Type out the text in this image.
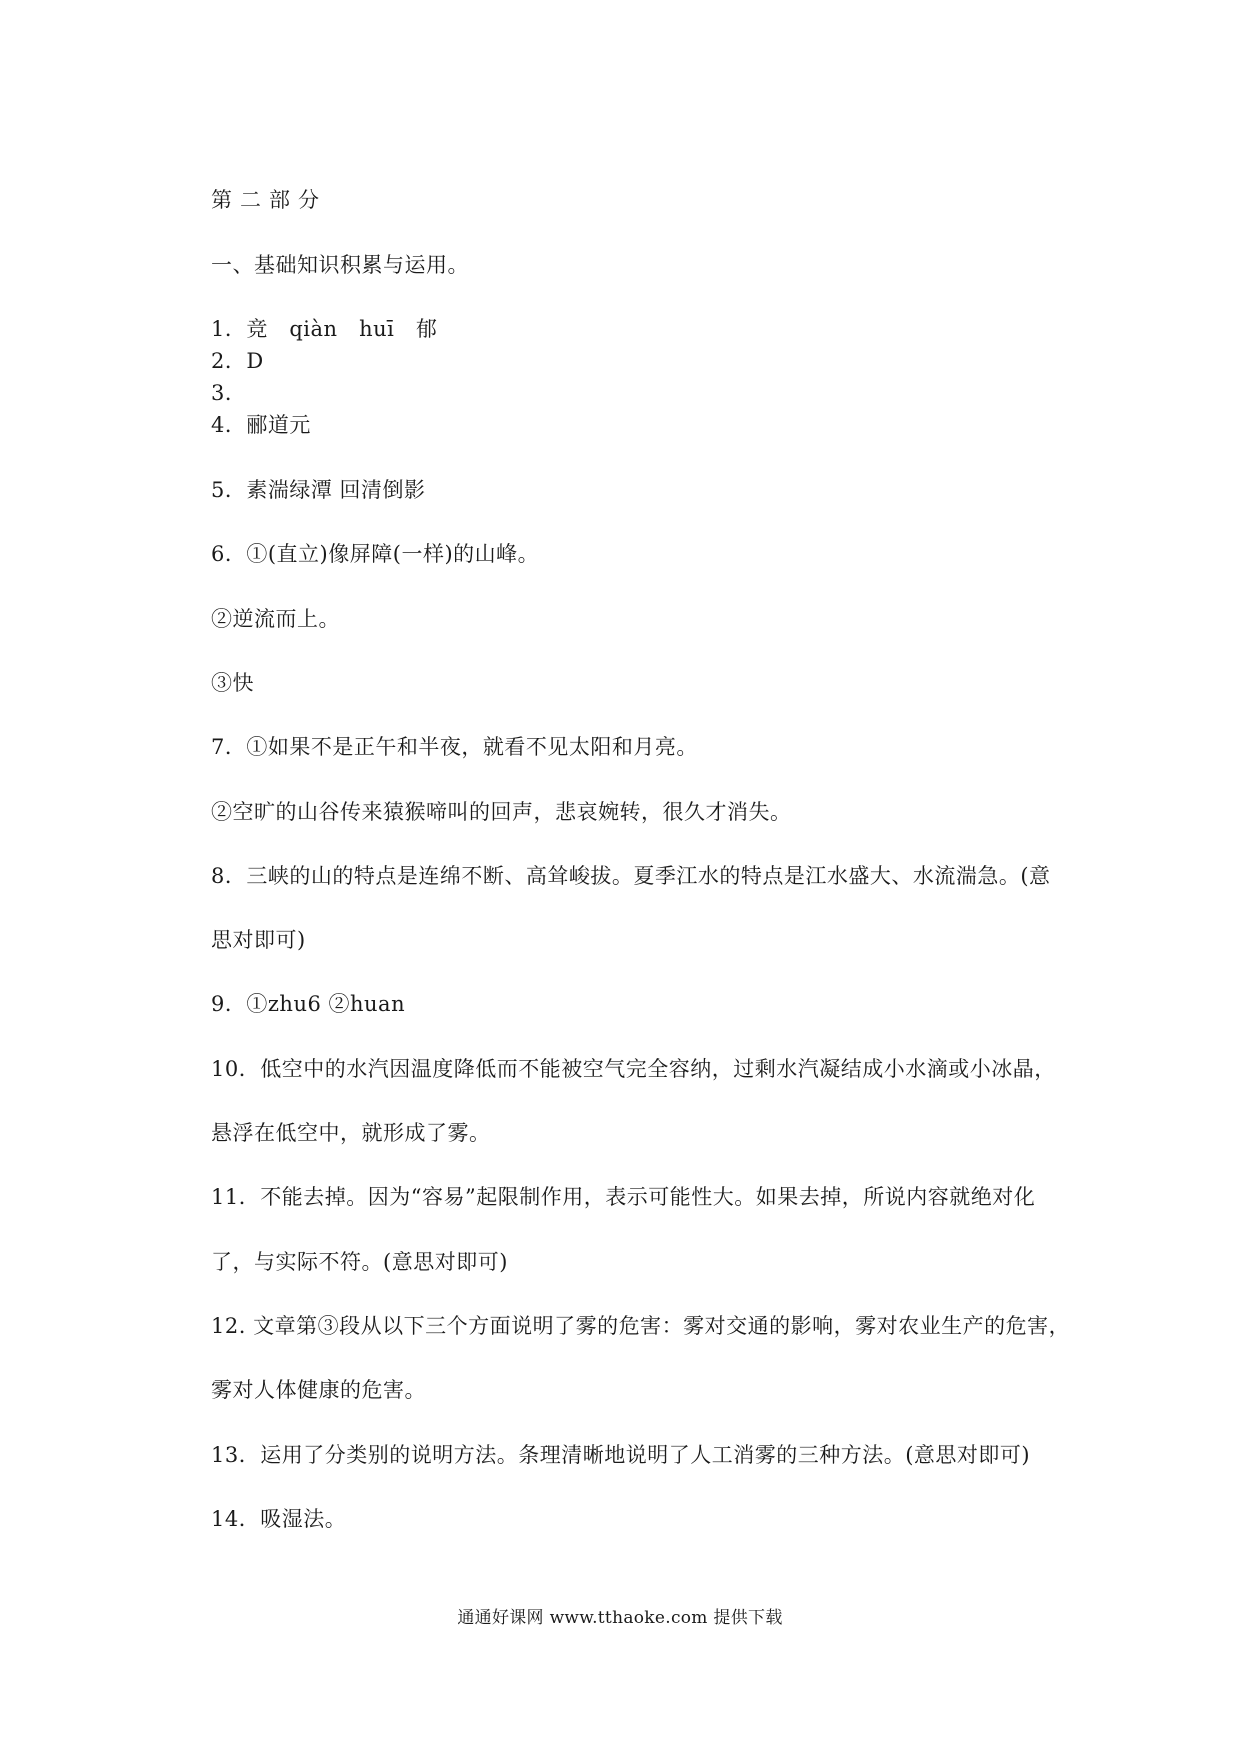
第二部分
一、基础知识积累与运用。
1．竞　qiàn　huī　郁
2．D
3．
4．郦道元
5．素湍绿潭 回清倒影
6．①(直立)像屏障(一样)的山峰。
②逆流而上。
③快
7．①如果不是正午和半夜，就看不见太阳和月亮。
②空旷的山谷传来猿猴啼叫的回声，悲哀婉转，很久才消失。
8．三峡的山的特点是连绵不断、高耸峻拔。夏季江水的特点是江水盛大、水流湍急。(意
思对即可)
9．①zhu6 ②huan
10．低空中的水汽因温度降低而不能被空气完全容纳，过剩水汽凝结成小水滴或小冰晶，
悬浮在低空中，就形成了雾。
11．不能去掉。因为“容易”起限制作用，表示可能性大。如果去掉，所说内容就绝对化
了，与实际不符。(意思对即可)
12. 文章第③段从以下三个方面说明了雾的危害：雾对交通的影响，雾对农业生产的危害，
雾对人体健康的危害。
13．运用了分类别的说明方法。条理清晰地说明了人工消雾的三种方法。(意思对即可)
14．吸湿法。
通通好课网 www.tthaoke.com 提供下载
